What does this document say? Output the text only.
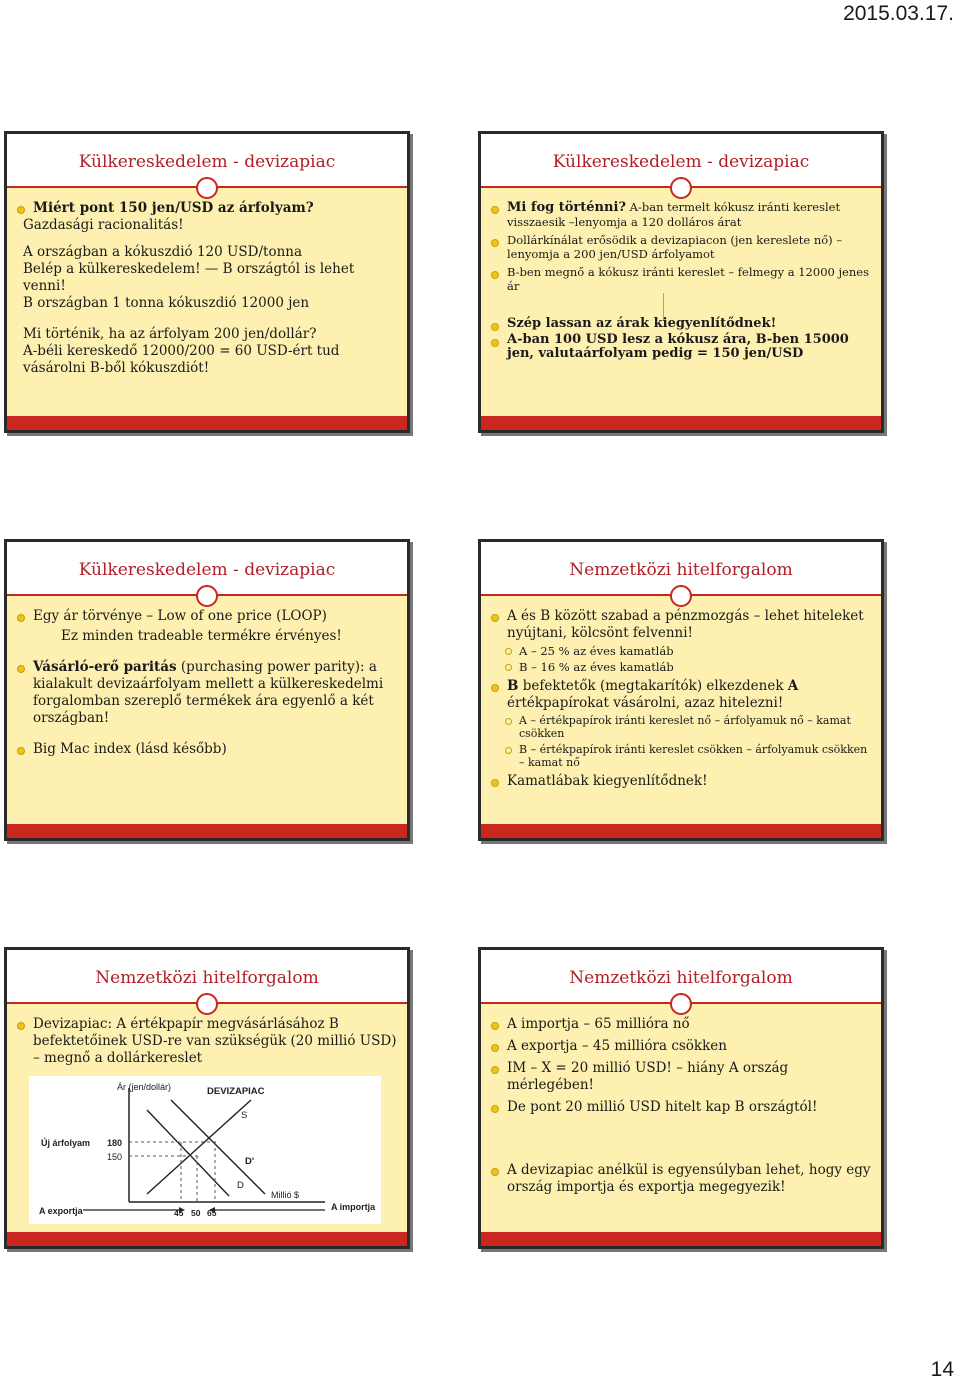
2015.03.17.
Külkereskedelem - devizapiac
Miért pont 150 jen/USD az árfolyam?
Gazdasági racionalitás!
A országban a kókuszdió 120 USD/tonna
Belép a külkereskedelem! — B országtól is lehet venni!
B országban 1 tonna kókuszdió 12000 jen
Mi történik, ha az árfolyam 200 jen/dollár?
A-béli kereskedő 12000/200 = 60 USD-ért tud vásárolni B-ből kókuszdiót!
Külkereskedelem - devizapiac
Mi fog történni? A-ban termelt kókusz iránti kereslet visszaesik –lenyomja a 120 dolláros árat
Dollárkínálat erősödik a devizapiacon (jen kereslete nő) – lenyomja a 200 jen/USD árfolyamot
B-ben megnő a kókusz iránti kereslet – felmegy a 12000 jenes ár
Szép lassan az árak kiegyenlítődnek!
A-ban 100 USD lesz a kókusz ára, B-ben 15000 jen, valutaárfolyam pedig = 150 jen/USD
Külkereskedelem - devizapiac
Egy ár törvénye – Low of one price (LOOP)
Ez minden tradeable termékre érvényes!
Vásárló-erő paritás (purchasing power parity): a kialakult devizaárfolyam mellett a külkereskedelmi forgalomban szereplő termékek ára egyenlő a két országban!
Big Mac index (lásd később)
Nemzetközi hitelforgalom
A és B között szabad a pénzmozgás – lehet hiteleket nyújtani, kölcsönt felvenni!
A – 25 % az éves kamatláb
B – 16 % az éves kamatláb
B befektetők (megtakarítók) elkezdenek A értékpapírokat vásárolni, azaz hitelezni!
A – értékpapírok iránti kereslet nő – árfolyamuk nő – kamat csökken
B – értékpapírok iránti kereslet csökken – árfolyamuk csökken – kamat nő
Kamatlábak kiegyenlítődnek!
Nemzetközi hitelforgalom
Devizapiac: A értékpapír megvásárlásához B befektetőinek USD-re van szükségük (20 millió USD) – megnő a dollárkereslet
Ár (jen/dollár)	DEVIZAPIAC
S
D'
D
Millió $
Új árfolyam 180
150
45 50 65
A exportja	A importja
Nemzetközi hitelforgalom
A importja – 65 millióra nő
A exportja – 45 millióra csökken
IM – X = 20 millió USD! – hiány A ország mérlegében!
De pont 20 millió USD hitelt kap B országtól!
A devizapiac anélkül is egyensúlyban lehet, hogy egy ország importja és exportja megegyezik!
14
